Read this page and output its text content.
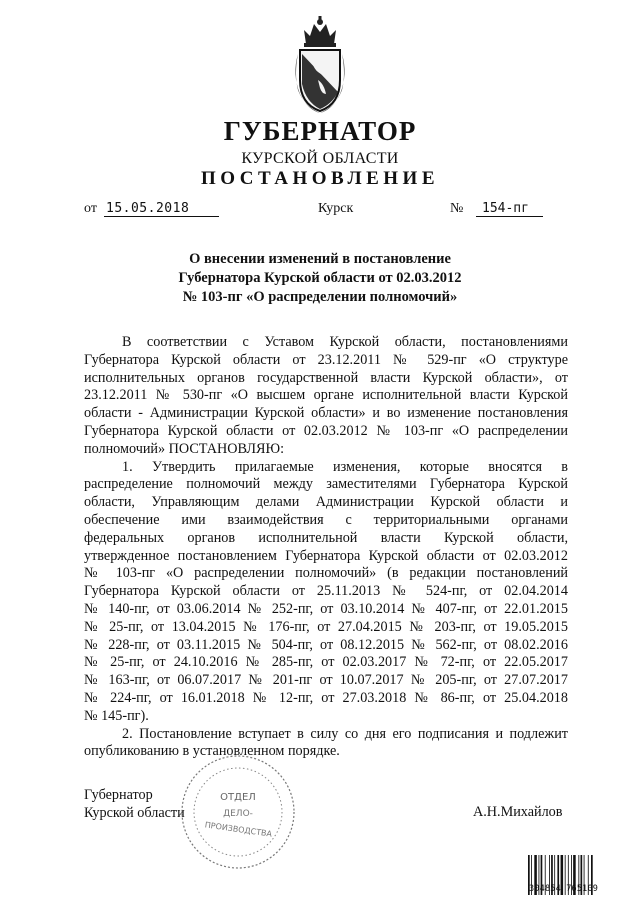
ГУБЕРНАТОР
КУРСКОЙ ОБЛАСТИ
ПОСТАНОВЛЕНИЕ
от 15.05.2018	Курск	№	154-пг
О внесении изменений в постановление
Губернатора Курской области от 02.03.2012
№ 103-пг «О распределении полномочий»
В соответствии с Уставом Курской области, постановлениями
Губернатора Курской области от 23.12.2011 № 529-пг «О структуре
исполнительных органов государственной власти Курской области», от
23.12.2011 № 530-пг «О высшем органе исполнительной власти Курской
области - Администрации Курской области» и во изменение постановления
Губернатора Курской области от 02.03.2012 № 103-пг «О распределении
полномочий» ПОСТАНОВЛЯЮ:
1. Утвердить прилагаемые изменения, которые вносятся в
распределение полномочий между заместителями Губернатора Курской
области, Управляющим делами Администрации Курской области и
обеспечение ими взаимодействия с территориальными органами
федеральных органов исполнительной власти Курской области,
утвержденное постановлением Губернатора Курской области от 02.03.2012
№ 103-пг «О распределении полномочий» (в редакции постановлений
Губернатора Курской области от 25.11.2013 № 524-пг, от 02.04.2014
№ 140-пг, от 03.06.2014 № 252-пг, от 03.10.2014 № 407-пг, от 22.01.2015
№ 25-пг, от 13.04.2015 № 176-пг, от 27.04.2015 № 203-пг, от 19.05.2015
№ 228-пг, от 03.11.2015 № 504-пг, от 08.12.2015 № 562-пг, от 08.02.2016
№ 25-пг, от 24.10.2016 № 285-пг, от 02.03.2017 № 72-пг, от 22.05.2017
№ 163-пг, от 06.07.2017 № 201-пг от 10.07.2017 № 205-пг, от 27.07.2017
№ 224-пг, от 16.01.2018 № 12-пг, от 27.03.2018 № 86-пг, от 25.04.2018
№ 145-пг).
2. Постановление вступает в силу со дня его подписания и подлежит
опубликованию в установленном порядке.
Губернатор
Курской области
ОТДЕЛ
ДЕЛО-
ПРОИЗВОДСТВА
А.Н.Михайлов
304854 765109
